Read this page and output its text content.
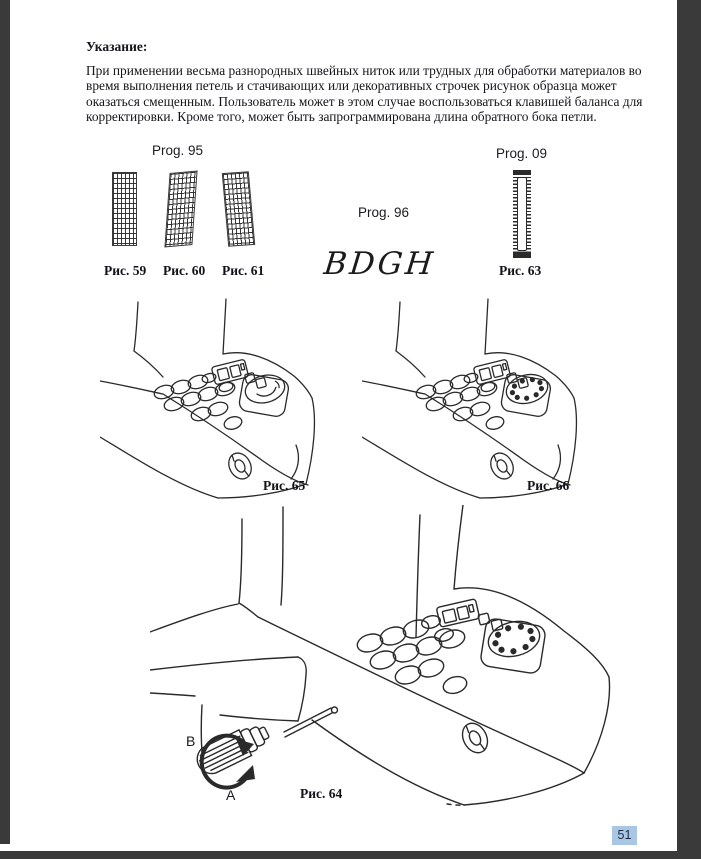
Указание:
При применении весьма разнородных швейных ниток или трудных для обработки материалов во
время выполнения петель и стачивающих или декоративных строчек рисунок образца может
оказаться смещенным. Пользователь может в этом случае воспользоваться клавишей баланса для
корректировки. Кроме того, может быть запрограммирована длина обратного бока петли.
Prog. 95
Рис. 59 Рис. 60 Рис. 61
Prog. 96
BDGH
Prog. 09
Рис. 63
Рис. 65	Рис. 66
B
A	Рис. 64
51
